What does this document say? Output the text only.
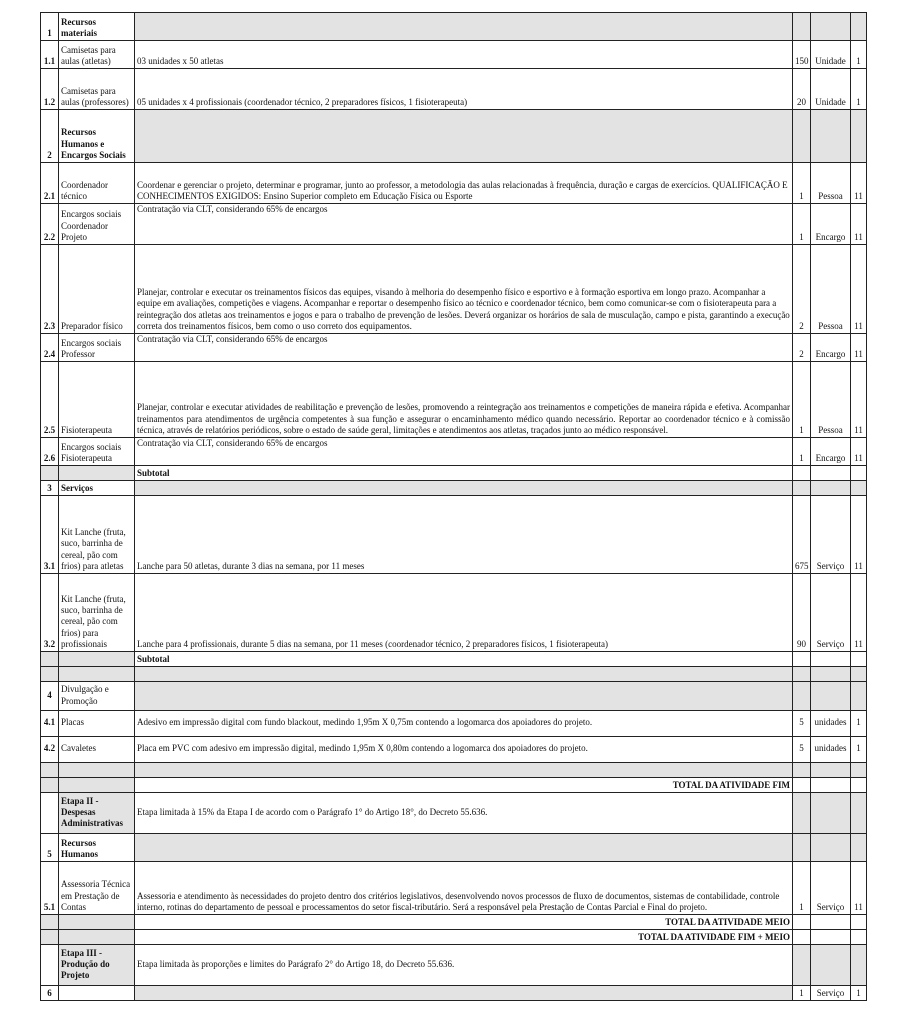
1	Recursos materiais				
1.1	Camisetas para aulas (atletas)	03 unidades x 50 atletas	150	Unidade	1
1.2	Camisetas para aulas (professores)	05 unidades x 4 profissionais (coordenador técnico, 2 preparadores físicos, 1 fisioterapeuta)	20	Unidade	1
2	Recursos Humanos e Encargos Sociais				
2.1	Coordenador técnico	Coordenar e gerenciar o projeto, determinar e programar, junto ao professor, a metodologia das aulas relacionadas à frequência, duração e cargas de exercícios. QUALIFICAÇÃO E CONHECIMENTOS EXIGIDOS: Ensino Superior completo em Educação Física ou Esporte	1	Pessoa	11
2.2	Encargos sociais Coordenador Projeto	Contratação via CLT, considerando 65% de encargos	1	Encargo	11
2.3	Preparador físico	Planejar, controlar e executar os treinamentos físicos das equipes, visando à melhoria do desempenho físico e esportivo e à formação esportiva em longo prazo. Acompanhar a equipe em avaliações, competições e viagens. Acompanhar e reportar o desempenho físico ao técnico e coordenador técnico, bem como comunicar-se com o fisioterapeuta para a reintegração dos atletas aos treinamentos e jogos e para o trabalho de prevenção de lesões. Deverá organizar os horários de sala de musculação, campo e pista, garantindo a execução correta dos treinamentos físicos, bem como o uso correto dos equipamentos.	2	Pessoa	11
2.4	Encargos sociais Professor	Contratação via CLT, considerando 65% de encargos	2	Encargo	11
2.5	Fisioterapeuta	Planejar, controlar e executar atividades de reabilitação e prevenção de lesões, promovendo a reintegração aos treinamentos e competições de maneira rápida e efetiva. Acompanhar treinamentos para atendimentos de urgência competentes à sua função e assegurar o encaminhamento médico quando necessário. Reportar ao coordenador técnico e à comissão técnica, através de relatórios periódicos, sobre o estado de saúde geral, limitações e atendimentos aos atletas, traçados junto ao médico responsável.	1	Pessoa	11
2.6	Encargos sociais Fisioterapeuta	Contratação via CLT, considerando 65% de encargos	1	Encargo	11
		Subtotal			
3	Serviços				
3.1	Kit Lanche (fruta, suco, barrinha de cereal, pão com frios) para atletas	Lanche para 50 atletas, durante 3 dias na semana, por 11 meses	675	Serviço	11
3.2	Kit Lanche (fruta, suco, barrinha de cereal, pão com frios) para profissionais	Lanche para 4 profissionais, durante 5 dias na semana, por 11 meses (coordenador técnico, 2 preparadores físicos, 1 fisioterapeuta)	90	Serviço	11
		Subtotal			

4	Divulgação e Promoção				
4.1	Placas	Adesivo em impressão digital com fundo blackout, medindo 1,95m X 0,75m contendo a logomarca dos apoiadores do projeto.	5	unidades	1
4.2	Cavaletes	Placa em PVC com adesivo em impressão digital, medindo 1,95m X 0,80m contendo a logomarca dos apoiadores do projeto.	5	unidades	1

		TOTAL DA ATIVIDADE FIM			
	Etapa II - Despesas Administrativas	Etapa limitada à 15% da Etapa I de acordo com o Parágrafo 1° do Artigo 18°, do Decreto 55.636.			
5	Recursos Humanos				
5.1	Assessoria Técnica em Prestação de Contas	Assessoria e atendimento às necessidades do projeto dentro dos critérios legislativos, desenvolvendo novos processos de fluxo de documentos, sistemas de contabilidade, controle interno, rotinas do departamento de pessoal e processamentos do setor fiscal-tributário. Será a responsável pela Prestação de Contas Parcial e Final do projeto.	1	Serviço	11
		TOTAL DA ATIVIDADE MEIO			
		TOTAL DA ATIVIDADE FIM + MEIO			
	Etapa III - Produção do Projeto	Etapa limitada às proporções e limites do Parágrafo 2° do Artigo 18, do Decreto 55.636.			
6			1	Serviço	1
